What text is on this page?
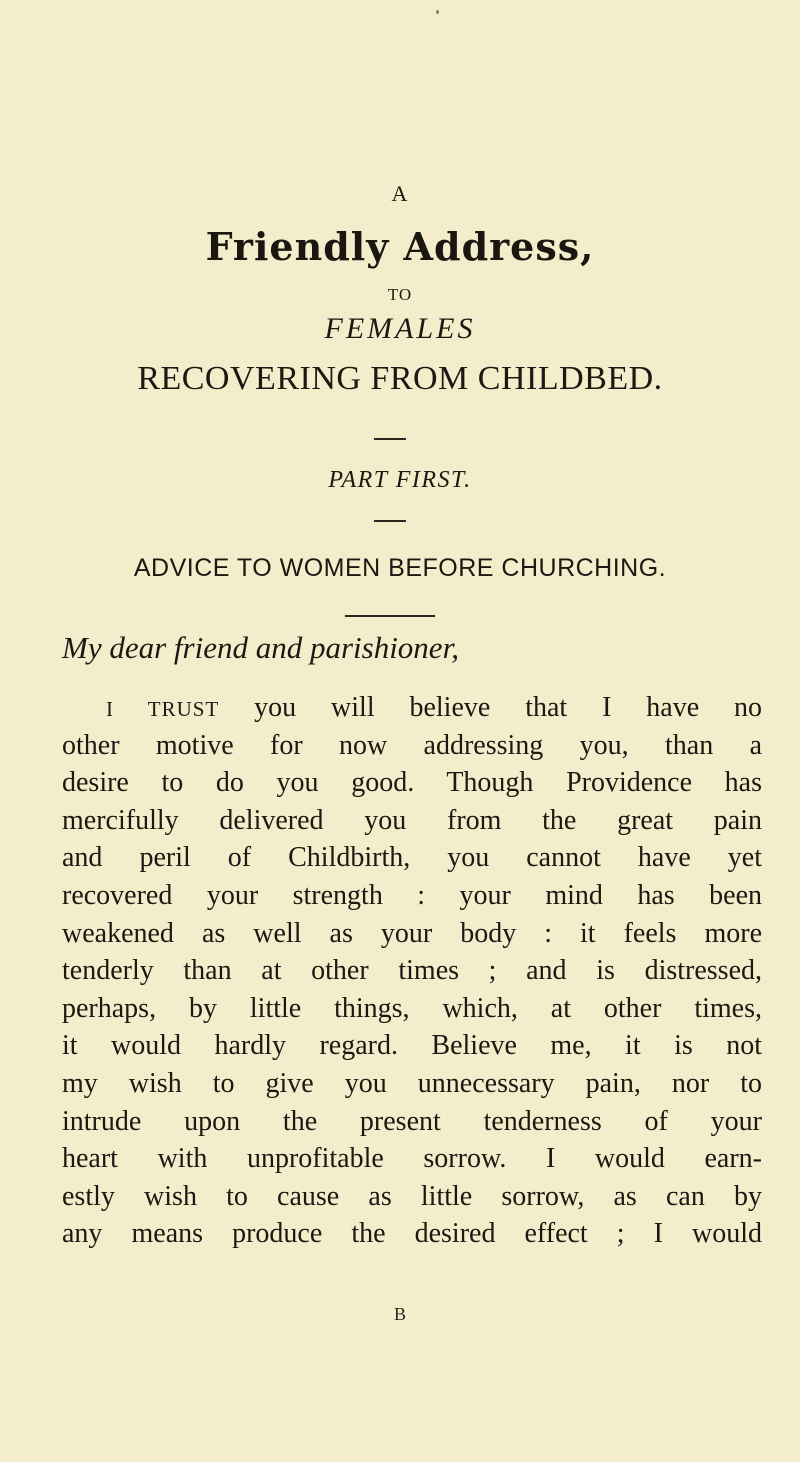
A
Friendly Address,
TO
FEMALES
RECOVERING FROM CHILDBED.
PART FIRST.
ADVICE TO WOMEN BEFORE CHURCHING.
My dear friend and parishioner,
I TRUST you will believe that I have no
other motive for now addressing you, than a
desire to do you good. Though Providence has
mercifully delivered you from the great pain
and peril of Childbirth, you cannot have yet
recovered your strength : your mind has been
weakened as well as your body : it feels more
tenderly than at other times ; and is distressed,
perhaps, by little things, which, at other times,
it would hardly regard. Believe me, it is not
my wish to give you unnecessary pain, nor to
intrude upon the present tenderness of your
heart with unprofitable sorrow. I would earn-
estly wish to cause as little sorrow, as can by
any means produce the desired effect ; I would
B
